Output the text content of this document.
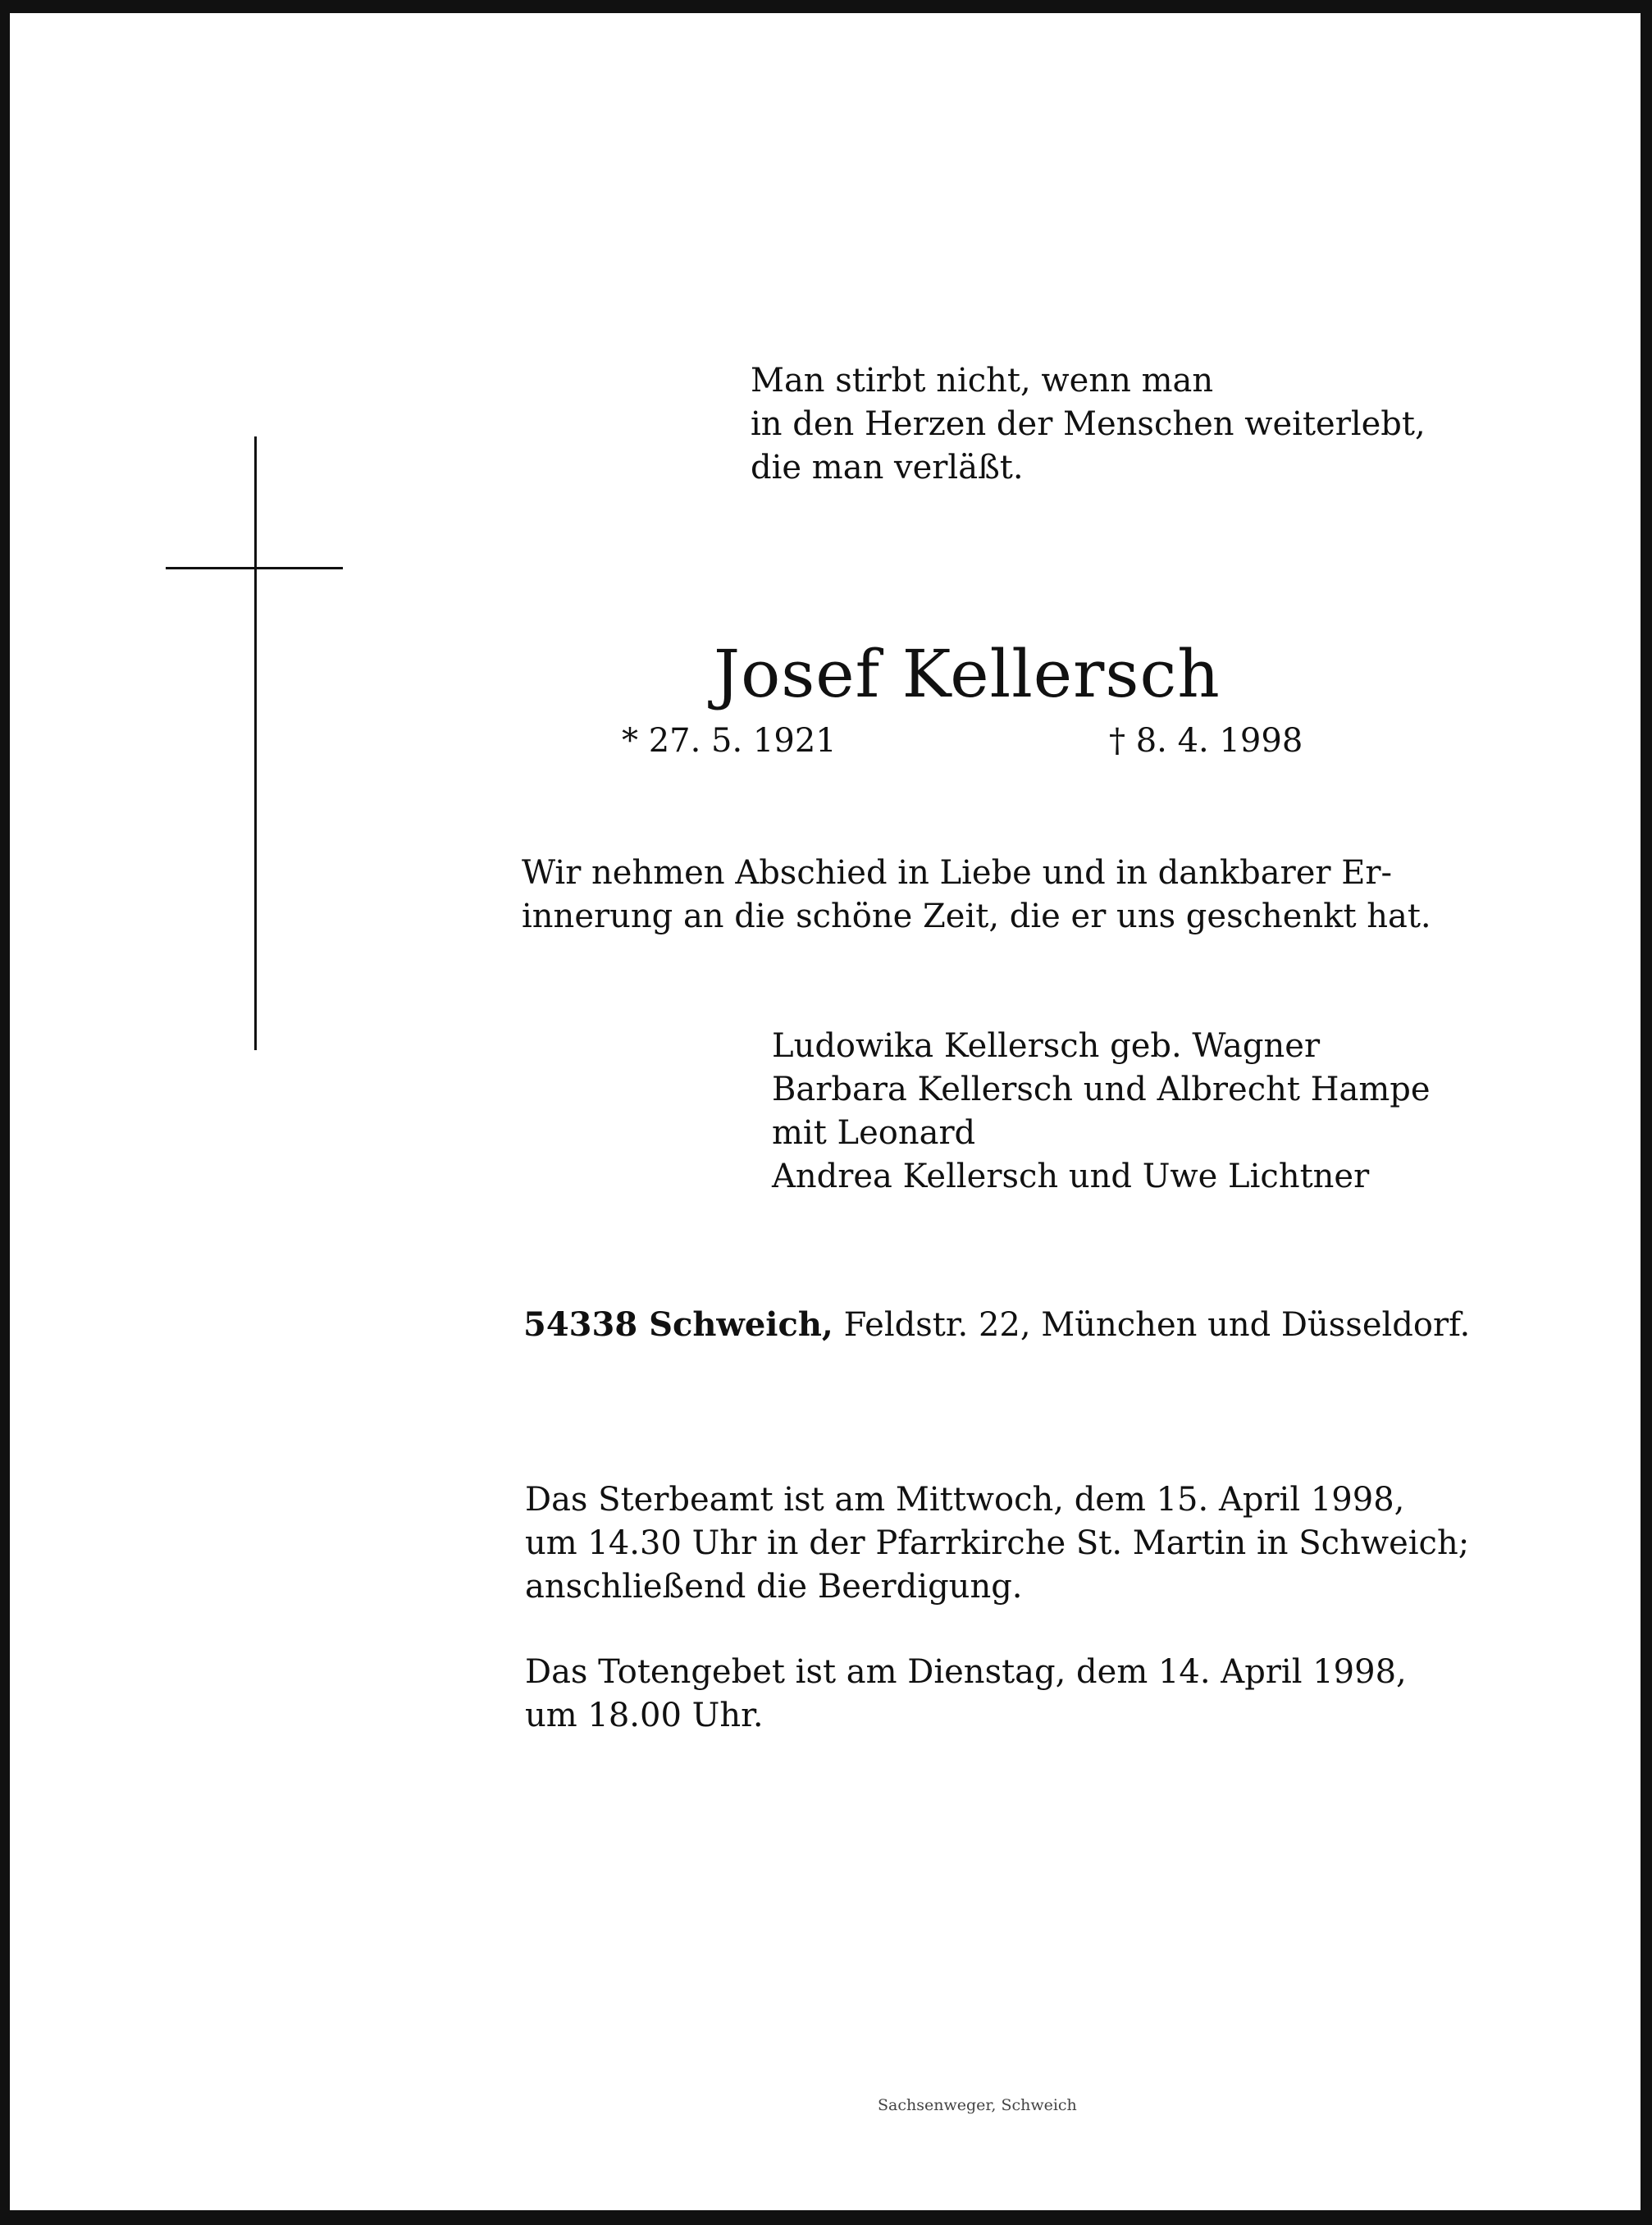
Man stirbt nicht, wenn man
in den Herzen der Menschen weiterlebt,
die man verläßt.
Josef Kellersch
* 27. 5. 1921	† 8. 4. 1998
Wir nehmen Abschied in Liebe und in dankbarer Er-
innerung an die schöne Zeit, die er uns geschenkt hat.
Ludowika Kellersch geb. Wagner
Barbara Kellersch und Albrecht Hampe
mit Leonard
Andrea Kellersch und Uwe Lichtner
54338 Schweich, Feldstr. 22, München und Düsseldorf.
Das Sterbeamt ist am Mittwoch, dem 15. April 1998,
um 14.30 Uhr in der Pfarrkirche St. Martin in Schweich;
anschließend die Beerdigung.
Das Totengebet ist am Dienstag, dem 14. April 1998,
um 18.00 Uhr.
Sachsenweger, Schweich
